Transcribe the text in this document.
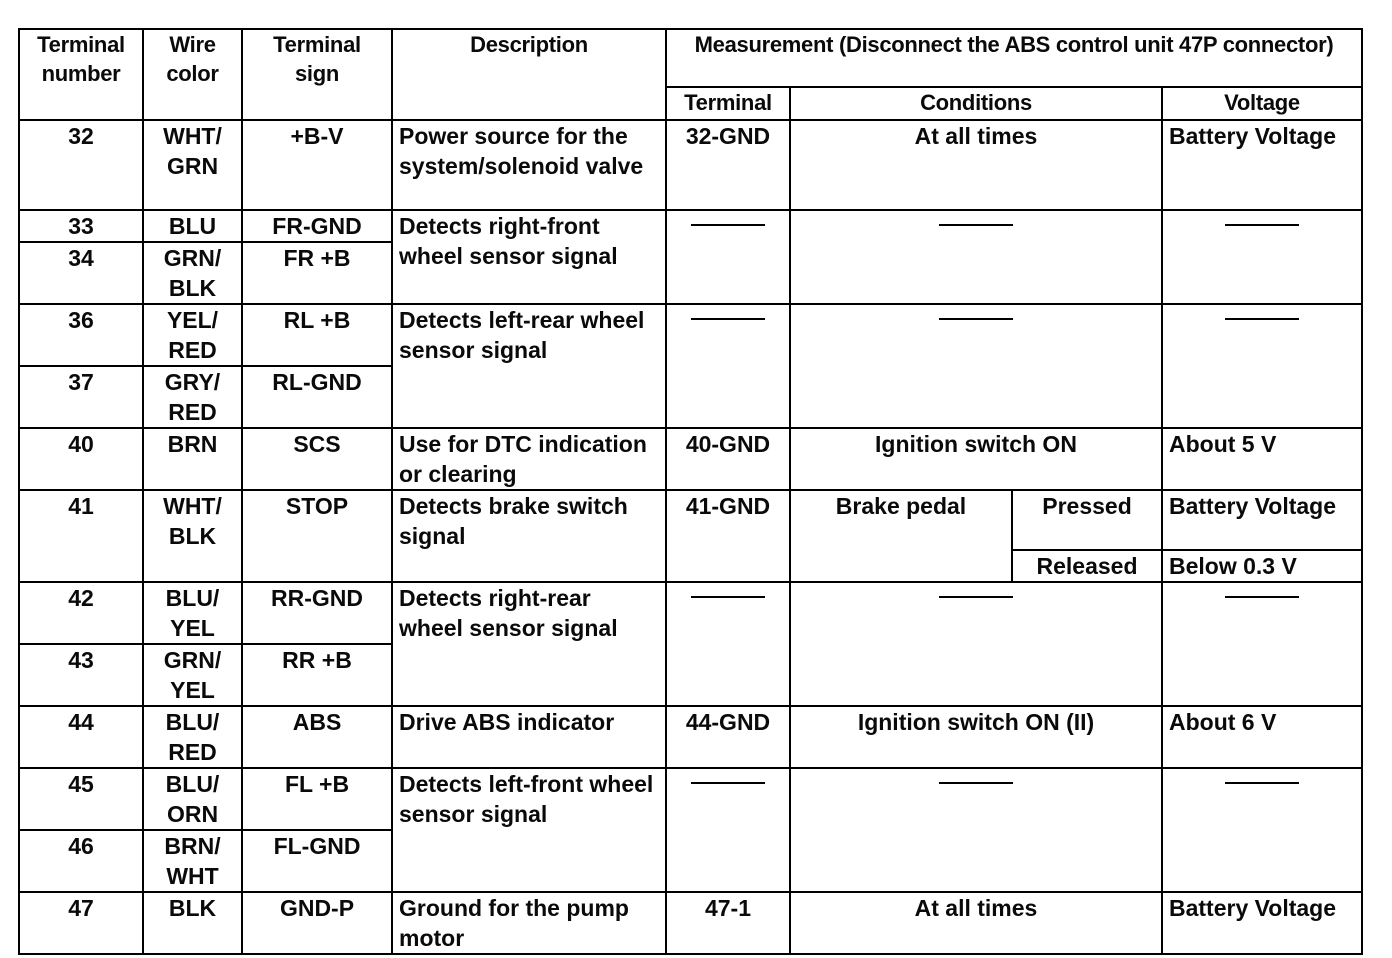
Terminal number	Wire color	Terminal sign	Description	Measurement (Disconnect the ABS control unit 47P connector)			
				Terminal	Conditions		Voltage
32	WHT/ GRN	+B-V	Power source for the system/solenoid valve	32-GND	At all times		Battery Voltage
33	BLU	FR-GND	Detects right-front wheel sensor signal				
34	GRN/ BLK	FR +B					
36	YEL/ RED	RL +B	Detects left-rear wheel sensor signal				
37	GRY/ RED	RL-GND					
40	BRN	SCS	Use for DTC indication or clearing	40-GND	Ignition switch ON		About 5 V
41	WHT/ BLK	STOP	Detects brake switch signal	41-GND	Brake pedal	Pressed	Battery Voltage
						Released	Below 0.3 V
42	BLU/ YEL	RR-GND	Detects right-rear wheel sensor signal				
43	GRN/ YEL	RR +B					
44	BLU/ RED	ABS	Drive ABS indicator	44-GND	Ignition switch ON (II)		About 6 V
45	BLU/ ORN	FL +B	Detects left-front wheel sensor signal				
46	BRN/ WHT	FL-GND					
47	BLK	GND-P	Ground for the pump motor	47-1	At all times		Battery Voltage
